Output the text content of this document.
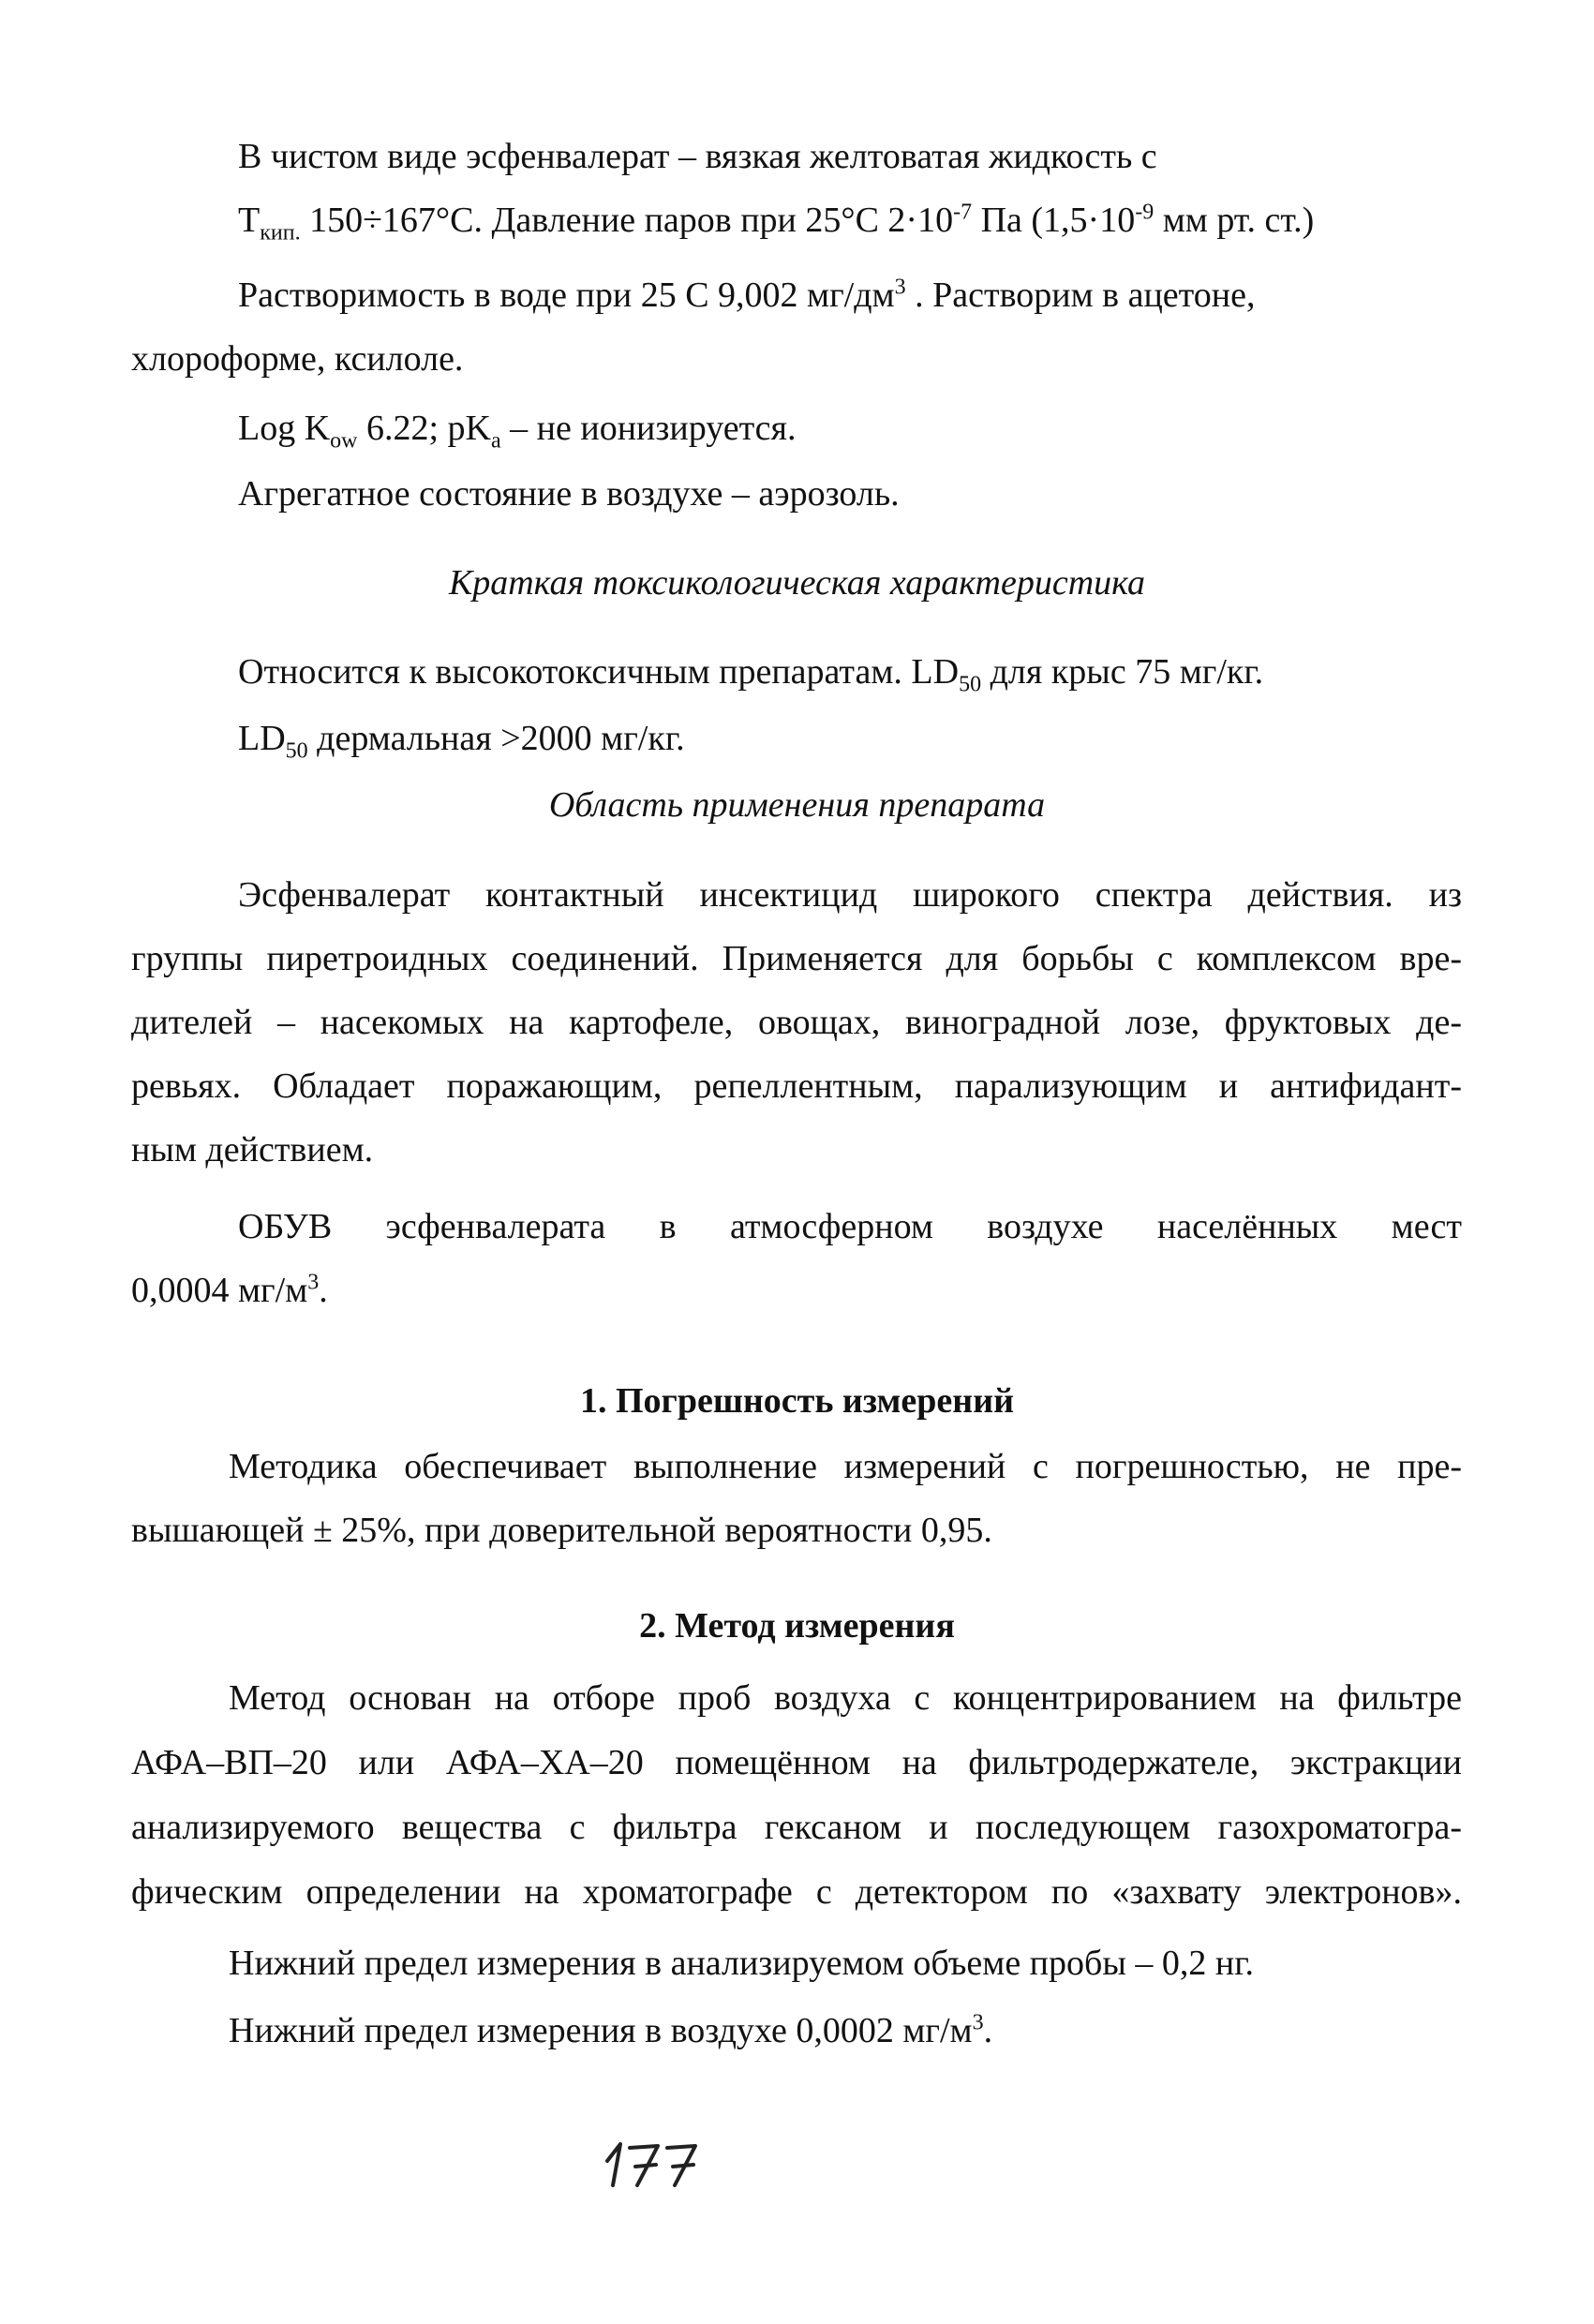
В чистом виде эсфенвалерат – вязкая желтоватая жидкость с
$Т_{кип.}$ 150÷167°С. Давление паров при 25°С $2\cdot 10^{-7}$ Па ($1,5\cdot 10^{-9}$ мм рт. ст.)
Растворимость в воде при 25 С 9,002 $мг/дм^3$ . Растворим в ацетоне,
хлороформе, ксилоле.
Log $K_{ow}$ 6.22; $pK_a$ – не ионизируется.
Агрегатное состояние в воздухе – аэрозоль.
Краткая токсикологическая характеристика
Относится к высокотоксичным препаратам. $LD_{50}$ для крыс 75 мг/кг.
$LD_{50}$ дермальная >2000 мг/кг.
Область применения препарата
Эсфенвалерат контактный инсектицид широкого спектра действия. из
группы пиретроидных соединений. Применяется для борьбы с комплексом вре-
дителей – насекомых на картофеле, овощах, виноградной лозе, фруктовых де-
ревьях. Обладает поражающим, репеллентным, парализующим и антифидант-
ным действием.
ОБУВ эсфенвалерата в атмосферном воздухе населённых мест
0,0004 $мг/м^3$.
1. Погрешность измерений
Методика обеспечивает выполнение измерений с погрешностью, не пре-
вышающей ± 25%, при доверительной вероятности 0,95.
2. Метод измерения
Метод основан на отборе проб воздуха с концентрированием на фильтре
АФА–ВП–20 или АФА–ХА–20 помещённом на фильтродержателе, экстракции
анализируемого вещества с фильтра гексаном и последующем газохроматогра-
фическим определении на хроматографе с детектором по «захвату электронов».
Нижний предел измерения в анализируемом объеме пробы – 0,2 нг.
Нижний предел измерения в воздухе 0,0002 $мг/м^3$.
